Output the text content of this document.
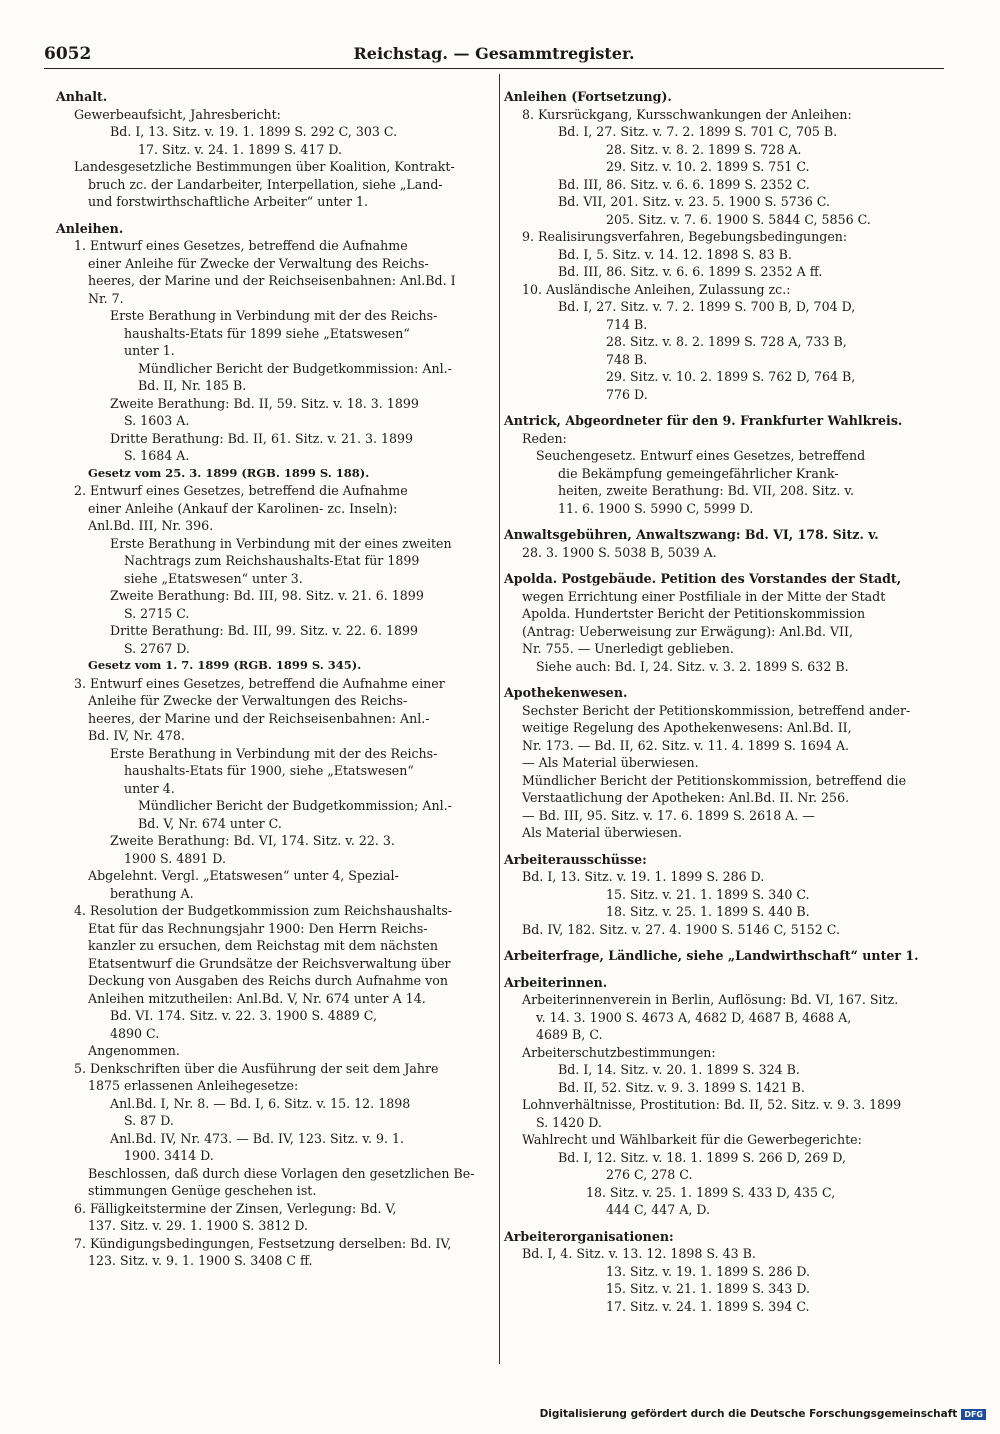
6052	Reichstag. — Gesammtregister.
Anhalt.
Gewerbeaufsicht, Jahresbericht:
Bd. I, 13. Sitz. v. 19. 1. 1899 S. 292 C, 303 C.
17. Sitz. v. 24. 1. 1899 S. 417 D.
Landesgesetzliche Bestimmungen über Koalition, Kontrakt-
bruch zc. der Landarbeiter, Interpellation, siehe „Land-
und forstwirthschaftliche Arbeiter“ unter 1.
Anleihen.
1. Entwurf eines Gesetzes, betreffend die Aufnahme
einer Anleihe für Zwecke der Verwaltung des Reichs-
heeres, der Marine und der Reichseisenbahnen: Anl.Bd. I
Nr. 7.
Erste Berathung in Verbindung mit der des Reichs-
haushalts-Etats für 1899 siehe „Etatswesen“
unter 1.
Mündlicher Bericht der Budgetkommission: Anl.-
Bd. II, Nr. 185 B.
Zweite Berathung: Bd. II, 59. Sitz. v. 18. 3. 1899
S. 1603 A.
Dritte Berathung: Bd. II, 61. Sitz. v. 21. 3. 1899
S. 1684 A.
Gesetz vom 25. 3. 1899 (RGB. 1899 S. 188).
2. Entwurf eines Gesetzes, betreffend die Aufnahme
einer Anleihe (Ankauf der Karolinen- zc. Inseln):
Anl.Bd. III, Nr. 396.
Erste Berathung in Verbindung mit der eines zweiten
Nachtrags zum Reichshaushalts-Etat für 1899
siehe „Etatswesen“ unter 3.
Zweite Berathung: Bd. III, 98. Sitz. v. 21. 6. 1899
S. 2715 C.
Dritte Berathung: Bd. III, 99. Sitz. v. 22. 6. 1899
S. 2767 D.
Gesetz vom 1. 7. 1899 (RGB. 1899 S. 345).
3. Entwurf eines Gesetzes, betreffend die Aufnahme einer
Anleihe für Zwecke der Verwaltungen des Reichs-
heeres, der Marine und der Reichseisenbahnen: Anl.-
Bd. IV, Nr. 478.
Erste Berathung in Verbindung mit der des Reichs-
haushalts-Etats für 1900, siehe „Etatswesen“
unter 4.
Mündlicher Bericht der Budgetkommission; Anl.-
Bd. V, Nr. 674 unter C.
Zweite Berathung: Bd. VI, 174. Sitz. v. 22. 3.
1900 S. 4891 D.
Abgelehnt. Vergl. „Etatswesen“ unter 4, Spezial-
berathung A.
4. Resolution der Budgetkommission zum Reichshaushalts-
Etat für das Rechnungsjahr 1900: Den Herrn Reichs-
kanzler zu ersuchen, dem Reichstag mit dem nächsten
Etatsentwurf die Grundsätze der Reichsverwaltung über
Deckung von Ausgaben des Reichs durch Aufnahme von
Anleihen mitzutheilen: Anl.Bd. V, Nr. 674 unter A 14.
Bd. VI. 174. Sitz. v. 22. 3. 1900 S. 4889 C,
4890 C.
Angenommen.
5. Denkschriften über die Ausführung der seit dem Jahre
1875 erlassenen Anleihegesetze:
Anl.Bd. I, Nr. 8. — Bd. I, 6. Sitz. v. 15. 12. 1898
S. 87 D.
Anl.Bd. IV, Nr. 473. — Bd. IV, 123. Sitz. v. 9. 1.
1900. 3414 D.
Beschlossen, daß durch diese Vorlagen den gesetzlichen Be-
stimmungen Genüge geschehen ist.
6. Fälligkeitstermine der Zinsen, Verlegung: Bd. V,
137. Sitz. v. 29. 1. 1900 S. 3812 D.
7. Kündigungsbedingungen, Festsetzung derselben: Bd. IV,
123. Sitz. v. 9. 1. 1900 S. 3408 C ff.
Anleihen (Fortsetzung).
8. Kursrückgang, Kursschwankungen der Anleihen:
Bd. I, 27. Sitz. v. 7. 2. 1899 S. 701 C, 705 B.
28. Sitz. v. 8. 2. 1899 S. 728 A.
29. Sitz. v. 10. 2. 1899 S. 751 C.
Bd. III, 86. Sitz. v. 6. 6. 1899 S. 2352 C.
Bd. VII, 201. Sitz. v. 23. 5. 1900 S. 5736 C.
205. Sitz. v. 7. 6. 1900 S. 5844 C, 5856 C.
9. Realisirungsverfahren, Begebungsbedingungen:
Bd. I, 5. Sitz. v. 14. 12. 1898 S. 83 B.
Bd. III, 86. Sitz. v. 6. 6. 1899 S. 2352 A ff.
10. Ausländische Anleihen, Zulassung zc.:
Bd. I, 27. Sitz. v. 7. 2. 1899 S. 700 B, D, 704 D,
714 B.
28. Sitz. v. 8. 2. 1899 S. 728 A, 733 B,
748 B.
29. Sitz. v. 10. 2. 1899 S. 762 D, 764 B,
776 D.
Antrick, Abgeordneter für den 9. Frankfurter Wahlkreis.
Reden:
Seuchengesetz. Entwurf eines Gesetzes, betreffend
die Bekämpfung gemeingefährlicher Krank-
heiten, zweite Berathung: Bd. VII, 208. Sitz. v.
11. 6. 1900 S. 5990 C, 5999 D.
Anwaltsgebühren, Anwaltszwang: Bd. VI, 178. Sitz. v.
28. 3. 1900 S. 5038 B, 5039 A.
Apolda. Postgebäude. Petition des Vorstandes der Stadt,
wegen Errichtung einer Postfiliale in der Mitte der Stadt
Apolda. Hundertster Bericht der Petitionskommission
(Antrag: Ueberweisung zur Erwägung): Anl.Bd. VII,
Nr. 755. — Unerledigt geblieben.
Siehe auch: Bd. I, 24. Sitz. v. 3. 2. 1899 S. 632 B.
Apothekenwesen.
Sechster Bericht der Petitionskommission, betreffend ander-
weitige Regelung des Apothekenwesens: Anl.Bd. II,
Nr. 173. — Bd. II, 62. Sitz. v. 11. 4. 1899 S. 1694 A.
— Als Material überwiesen.
Mündlicher Bericht der Petitionskommission, betreffend die
Verstaatlichung der Apotheken: Anl.Bd. II. Nr. 256.
— Bd. III, 95. Sitz. v. 17. 6. 1899 S. 2618 A. —
Als Material überwiesen.
Arbeiterausschüsse:
Bd. I, 13. Sitz. v. 19. 1. 1899 S. 286 D.
15. Sitz. v. 21. 1. 1899 S. 340 C.
18. Sitz. v. 25. 1. 1899 S. 440 B.
Bd. IV, 182. Sitz. v. 27. 4. 1900 S. 5146 C, 5152 C.
Arbeiterfrage, Ländliche, siehe „Landwirthschaft“ unter 1.
Arbeiterinnen.
Arbeiterinnenverein in Berlin, Auflösung: Bd. VI, 167. Sitz.
v. 14. 3. 1900 S. 4673 A, 4682 D, 4687 B, 4688 A,
4689 B, C.
Arbeiterschutzbestimmungen:
Bd. I, 14. Sitz. v. 20. 1. 1899 S. 324 B.
Bd. II, 52. Sitz. v. 9. 3. 1899 S. 1421 B.
Lohnverhältnisse, Prostitution: Bd. II, 52. Sitz. v. 9. 3. 1899
S. 1420 D.
Wahlrecht und Wählbarkeit für die Gewerbegerichte:
Bd. I, 12. Sitz. v. 18. 1. 1899 S. 266 D, 269 D,
276 C, 278 C.
18. Sitz. v. 25. 1. 1899 S. 433 D, 435 C,
444 C, 447 A, D.
Arbeiterorganisationen:
Bd. I, 4. Sitz. v. 13. 12. 1898 S. 43 B.
13. Sitz. v. 19. 1. 1899 S. 286 D.
15. Sitz. v. 21. 1. 1899 S. 343 D.
17. Sitz. v. 24. 1. 1899 S. 394 C.
Digitalisierung gefördert durch die Deutsche Forschungsgemeinschaft DFG
